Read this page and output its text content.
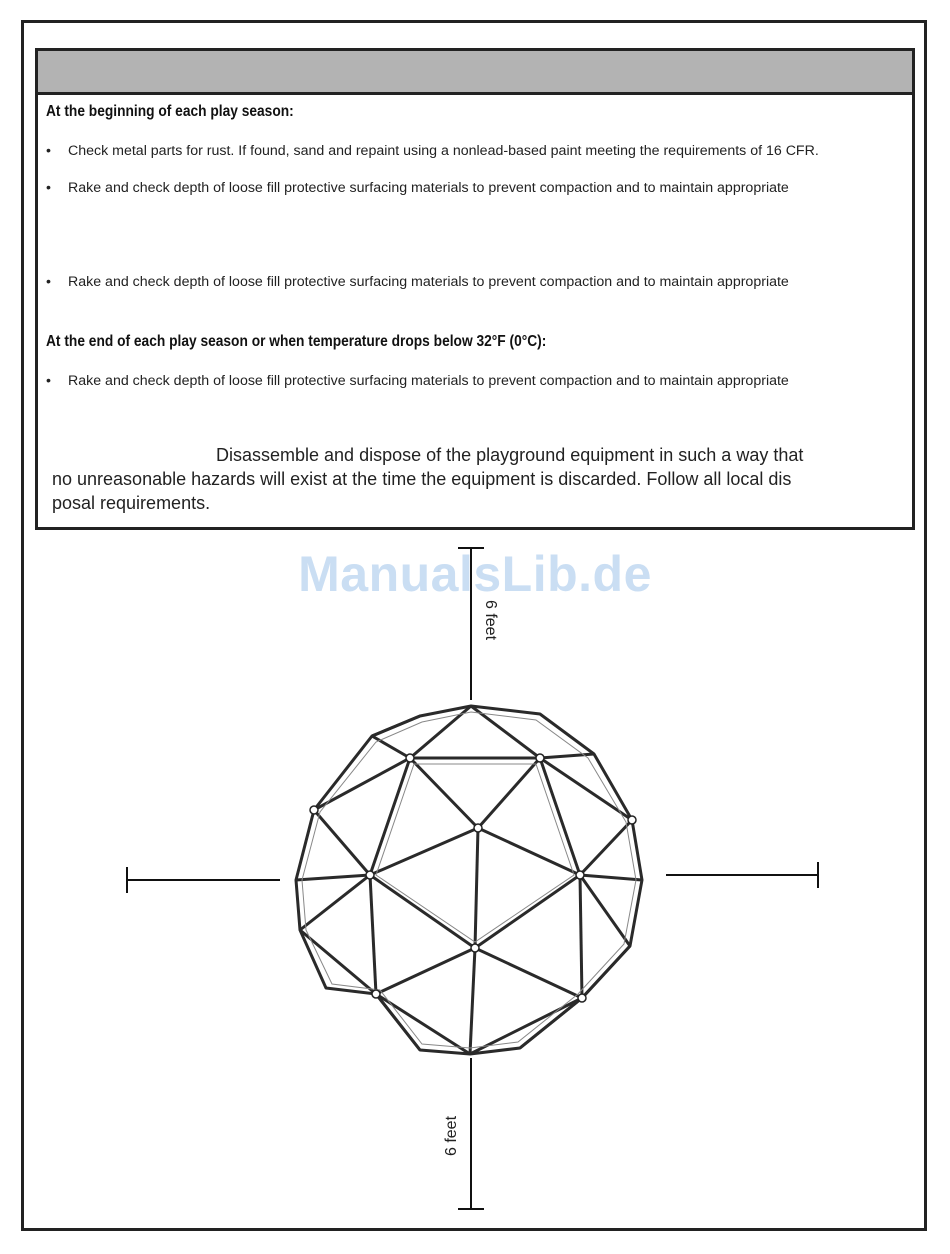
At the beginning of each play season:
• Check metal parts for rust. If found, sand and repaint using a nonlead-based paint meeting the requirements of 16 CFR.
• Rake and check depth of loose fill protective surfacing materials to prevent compaction and to maintain appropriate
• Rake and check depth of loose fill protective surfacing materials to prevent compaction and to maintain appropriate
At the end of each play season or when temperature drops below 32°F (0°C):
• Rake and check depth of loose fill protective surfacing materials to prevent compaction and to maintain appropriate
Disassemble and dispose of the playground equipment in such a way that
no unreasonable hazards will exist at the time the equipment is discarded. Follow all local dis
posal requirements.
ManualsLib.de
6 feet
6 feet
